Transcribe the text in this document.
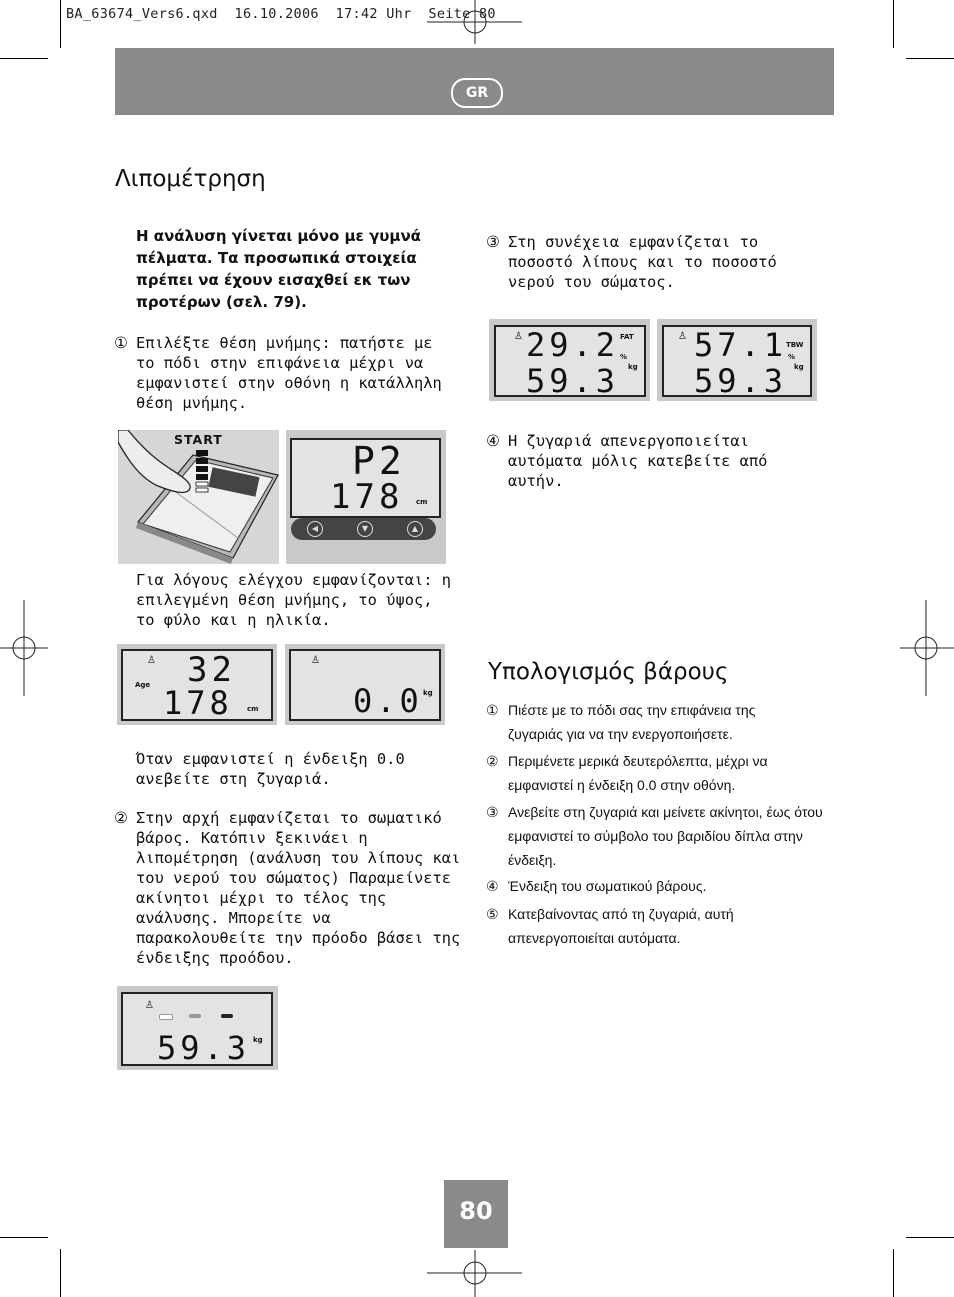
BA_63674_Vers6.qxd  16.10.2006  17:42 Uhr  Seite 80
GR
Λιπομέτρηση
Η ανάλυση γίνεται μόνο με γυμνά πέλματα. Τα προσωπικά στοιχεία πρέπει να έχουν εισαχθεί εκ των προτέρων (σελ. 79).
① Επιλέξτε θέση μνήμης: πατήστε με το πόδι στην επιφάνεια μέχρι να εμφανιστεί στην οθόνη η κατάλληλη θέση μνήμης.
START	P2
178 cm
◀	▼	▲
Για λόγους ελέγχου εμφανίζονται: η επιλεγμένη θέση μνήμης, το ύψος, το φύλο και η ηλικία.
♙
Age 32
178 cm
♙
0.0 kg
Όταν εμφανιστεί η ένδειξη 0.0 ανεβείτε στη ζυγαριά.
② Στην αρχή εμφανίζεται το σωματικό βάρος. Κατόπιν ξεκινάει η λιπομέτρηση (ανάλυση του λίπους και του νερού του σώματος) Παραμείνετε ακίνητοι μέχρι το τέλος της ανάλυσης. Μπορείτε να παρακολουθείτε την πρόοδο βάσει της ένδειξης προόδου.
♙
59.3 kg
③ Στη συνέχεια εμφανίζεται το ποσοστό λίπους και το ποσοστό νερού του σώματος.
♙ 29.2 FAT
%
kg
59.3
♙ 57.1
TBW
%
kg
59.3
④ Η ζυγαριά απενεργοποιείται αυτόματα μόλις κατεβείτε από αυτήν.
Υπολογισμός βάρους
① Πιέστε με το πόδι σας την επιφάνεια της ζυγαριάς για να την ενεργοποιήσετε.
② Περιμένετε μερικά δευτερόλεπτα, μέχρι να εμφανιστεί η ένδειξη 0.0 στην οθόνη.
③ Ανεβείτε στη ζυγαριά και μείνετε ακίνητοι, έως ότου εμφανιστεί το σύμβολο του βαριδίου δίπλα στην ένδειξη.
④ Ένδειξη του σωματικού βάρους.
⑤ Κατεβαίνοντας από τη ζυγαριά, αυτή απενεργοποιείται αυτόματα.
80
